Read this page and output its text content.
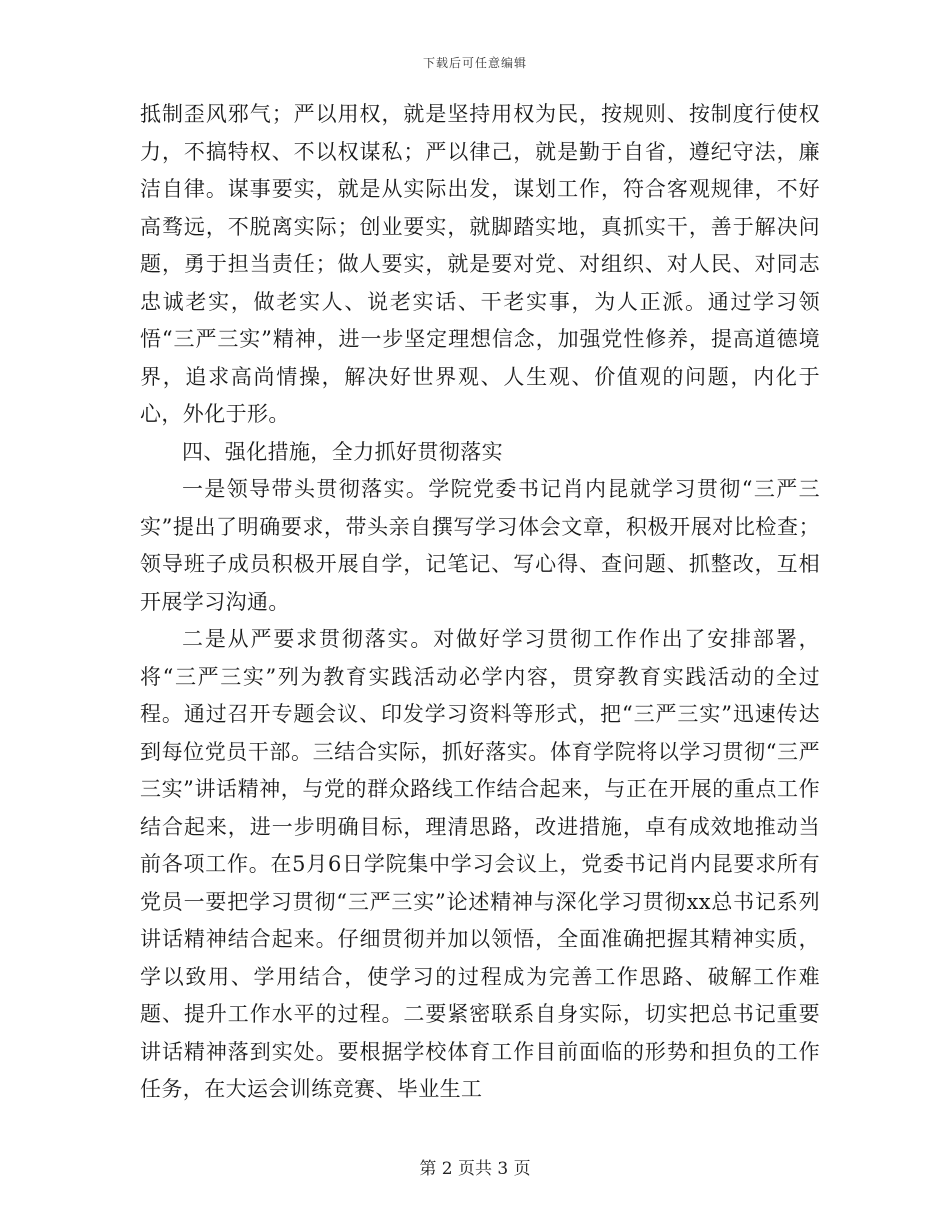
下载后可任意编辑

抵制歪风邪气；严以用权，就是坚持用权为民，按规则、按制度行使权力，不搞特权、不以权谋私；严以律己，就是勤于自省，遵纪守法，廉洁自律。谋事要实，就是从实际出发，谋划工作，符合客观规律，不好高骛远，不脱离实际；创业要实，就脚踏实地，真抓实干，善于解决问题，勇于担当责任；做人要实，就是要对党、对组织、对人民、对同志忠诚老实，做老实人、说老实话、干老实事，为人正派。通过学习领悟“三严三实”精神，进一步坚定理想信念，加强党性修养，提高道德境界，追求高尚情操，解决好世界观、人生观、价值观的问题，内化于心，外化于形。

四、强化措施，全力抓好贯彻落实

一是领导带头贯彻落实。学院党委书记肖内昆就学习贯彻“三严三实”提出了明确要求，带头亲自撰写学习体会文章，积极开展对比检查；领导班子成员积极开展自学，记笔记、写心得、查问题、抓整改，互相开展学习沟通。

二是从严要求贯彻落实。对做好学习贯彻工作作出了安排部署，将“三严三实”列为教育实践活动必学内容，贯穿教育实践活动的全过程。通过召开专题会议、印发学习资料等形式，把“三严三实”迅速传达到每位党员干部。三结合实际，抓好落实。体育学院将以学习贯彻“三严三实”讲话精神，与党的群众路线工作结合起来，与正在开展的重点工作结合起来，进一步明确目标，理清思路，改进措施，卓有成效地推动当前各项工作。在5月6日学院集中学习会议上，党委书记肖内昆要求所有党员一要把学习贯彻“三严三实”论述精神与深化学习贯彻xx总书记系列讲话精神结合起来。仔细贯彻并加以领悟，全面准确把握其精神实质，学以致用、学用结合，使学习的过程成为完善工作思路、破解工作难题、提升工作水平的过程。二要紧密联系自身实际，切实把总书记重要讲话精神落到实处。要根据学校体育工作目前面临的形势和担负的工作任务，在大运会训练竞赛、毕业生工

第 2 页共 3 页
